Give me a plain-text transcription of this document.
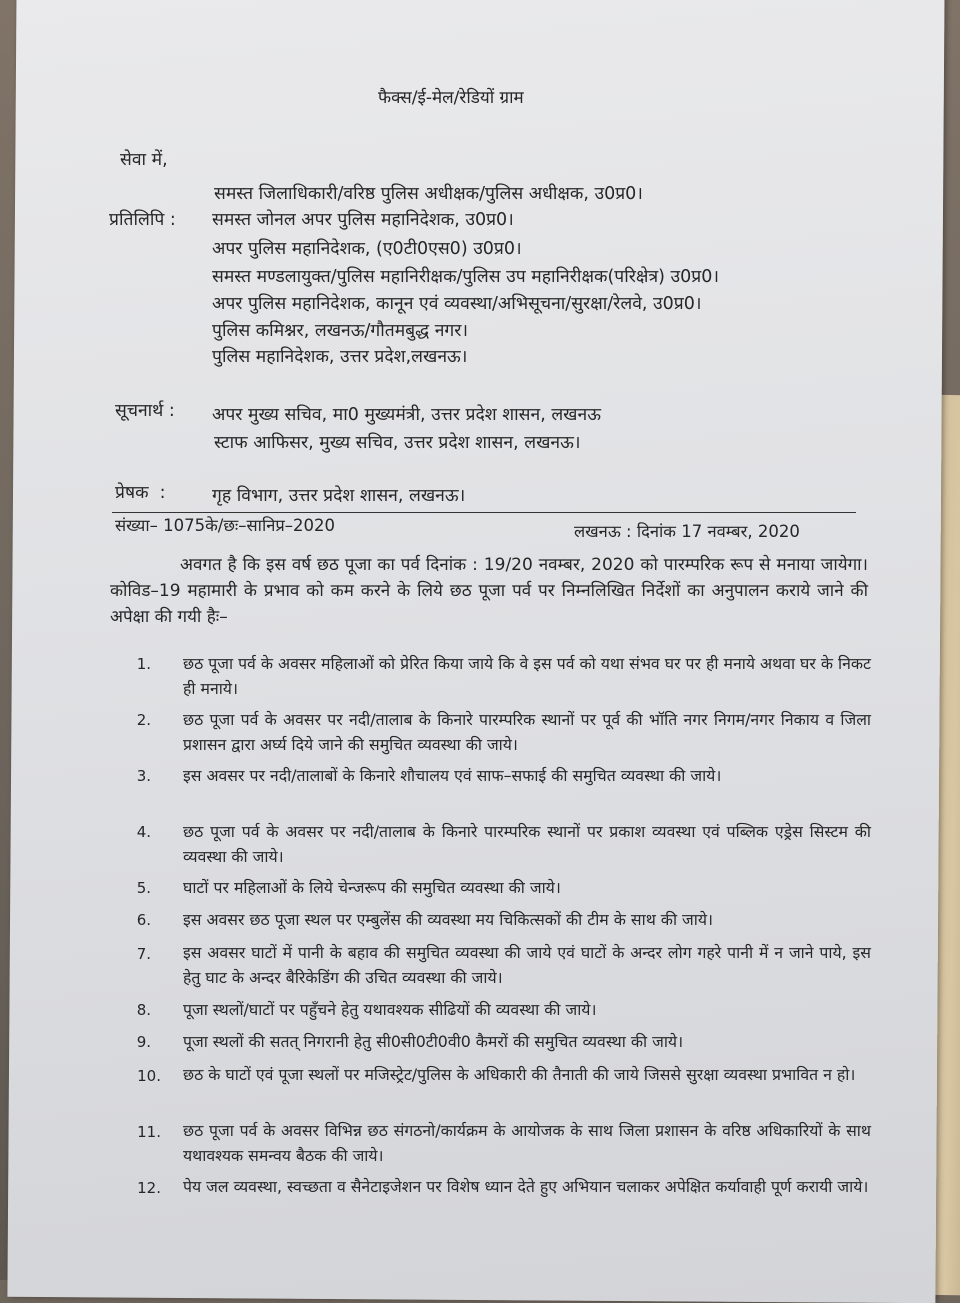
फैक्स/ई-मेल/रेडियों ग्राम
सेवा में,
समस्त जिलाधिकारी/वरिष्ठ पुलिस अधीक्षक/पुलिस अधीक्षक, उ0प्र0।
प्रतिलिपि : समस्त जोनल अपर पुलिस महानिदेशक, उ0प्र0।
अपर पुलिस महानिदेशक, (ए0टी0एस0) उ0प्र0।
समस्त मण्डलायुक्त/पुलिस महानिरीक्षक/पुलिस उप महानिरीक्षक(परिक्षेत्र) उ0प्र0।
अपर पुलिस महानिदेशक, कानून एवं व्यवस्था/अभिसूचना/सुरक्षा/रेलवे, उ0प्र0।
पुलिस कमिश्नर, लखनऊ/गौतमबुद्ध नगर।
पुलिस महानिदेशक, उत्तर प्रदेश,लखनऊ।
सूचनार्थ : अपर मुख्य सचिव, मा0 मुख्यमंत्री, उत्तर प्रदेश शासन, लखनऊ
स्टाफ आफिसर, मुख्य सचिव, उत्तर प्रदेश शासन, लखनऊ।
प्रेषक  :	गृह विभाग, उत्तर प्रदेश शासन, लखनऊ।
संख्या– 1075के/छः–सानिप्र–2020	लखनऊ : दिनांक 17 नवम्बर, 2020

अवगत है कि इस वर्ष छठ पूजा का पर्व दिनांक : 19/20 नवम्बर, 2020 को पारम्परिक रूप से मनाया जायेगा। कोविड–19 महामारी के प्रभाव को कम करने के लिये छठ पूजा पर्व पर निम्नलिखित निर्देशों का अनुपालन कराये जाने की अपेक्षा की गयी हैः–

1. छठ पूजा पर्व के अवसर महिलाओं को प्रेरित किया जाये कि वे इस पर्व को यथा संभव घर पर ही मनाये अथवा घर के निकट ही मनाये।
2. छठ पूजा पर्व के अवसर पर नदी/तालाब के किनारे पारम्परिक स्थानों पर पूर्व की भॉति नगर निगम/नगर निकाय व जिला प्रशासन द्वारा अर्घ्य दिये जाने की समुचित व्यवस्था की जाये।
3. इस अवसर पर नदी/तालाबों के किनारे शौचालय एवं साफ–सफाई की समुचित व्यवस्था की जाये।
4. छठ पूजा पर्व के अवसर पर नदी/तालाब के किनारे पारम्परिक स्थानों पर प्रकाश व्यवस्था एवं पब्लिक एड्रेस सिस्टम की व्यवस्था की जाये।
5. घाटों पर महिलाओं के लिये चेन्जरूप की समुचित व्यवस्था की जाये।
6. इस अवसर छठ पूजा स्थल पर एम्बुलेंस की व्यवस्था मय चिकित्सकों की टीम के साथ की जाये।
7. इस अवसर घाटों में पानी के बहाव की समुचित व्यवस्था की जाये एवं घाटों के अन्दर लोग गहरे पानी में न जाने पाये, इस हेतु घाट के अन्दर बैरिकेडिंग की उचित व्यवस्था की जाये।
8. पूजा स्थलों/घाटों पर पहुँचने हेतु यथावश्यक सीढियों की व्यवस्था की जाये।
9. पूजा स्थलों की सतत् निगरानी हेतु सी0सी0टी0वी0 कैमरों की समुचित व्यवस्था की जाये।
10. छठ के घाटों एवं पूजा स्थलों पर मजिस्ट्रेट/पुलिस के अधिकारी की तैनाती की जाये जिससे सुरक्षा व्यवस्था प्रभावित न हो।
11. छठ पूजा पर्व के अवसर विभिन्न छठ संगठनो/कार्यक्रम के आयोजक के साथ जिला प्रशासन के वरिष्ठ अधिकारियों के साथ यथावश्यक समन्वय बैठक की जाये।
12. पेय जल व्यवस्था, स्वच्छता व सैनेटाइजेशन पर विशेष ध्यान देते हुए अभियान चलाकर अपेक्षित कर्यावाही पूर्ण करायी जाये।
